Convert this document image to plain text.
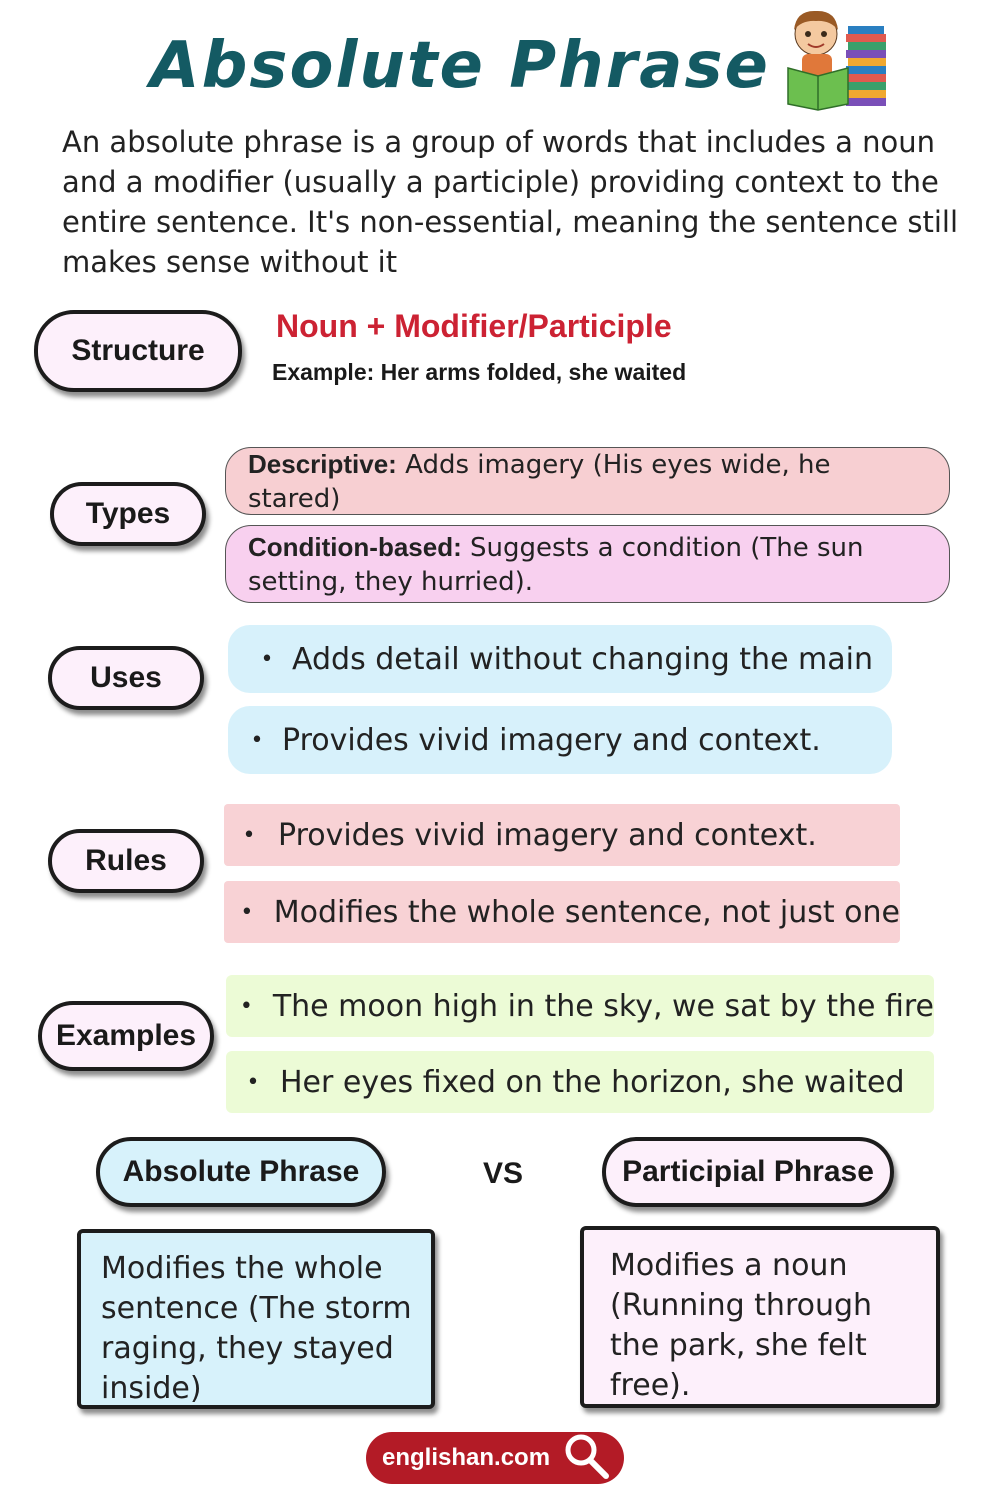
Absolute Phrase
An absolute phrase is a group of words that includes a noun and a modifier (usually a participle) providing context to the entire sentence. It's non-essential, meaning the sentence still makes sense without it
Structure
Noun + Modifier/Participle
Example: Her arms folded, she waited
Types
Descriptive: Adds imagery (His eyes wide, he stared)
Condition-based: Suggests a condition (The sun setting, they hurried).
Uses
• Adds detail without changing the main
• Provides vivid imagery and context.
Rules
• Provides vivid imagery and context.
• Modifies the whole sentence, not just one
Examples
• The moon high in the sky, we sat by the fire
• Her eyes fixed on the horizon, she waited
Absolute Phrase	VS	Participial Phrase
Modifies the whole sentence (The storm raging, they stayed inside)
Modifies a noun (Running through the park, she felt free).
englishan.com
